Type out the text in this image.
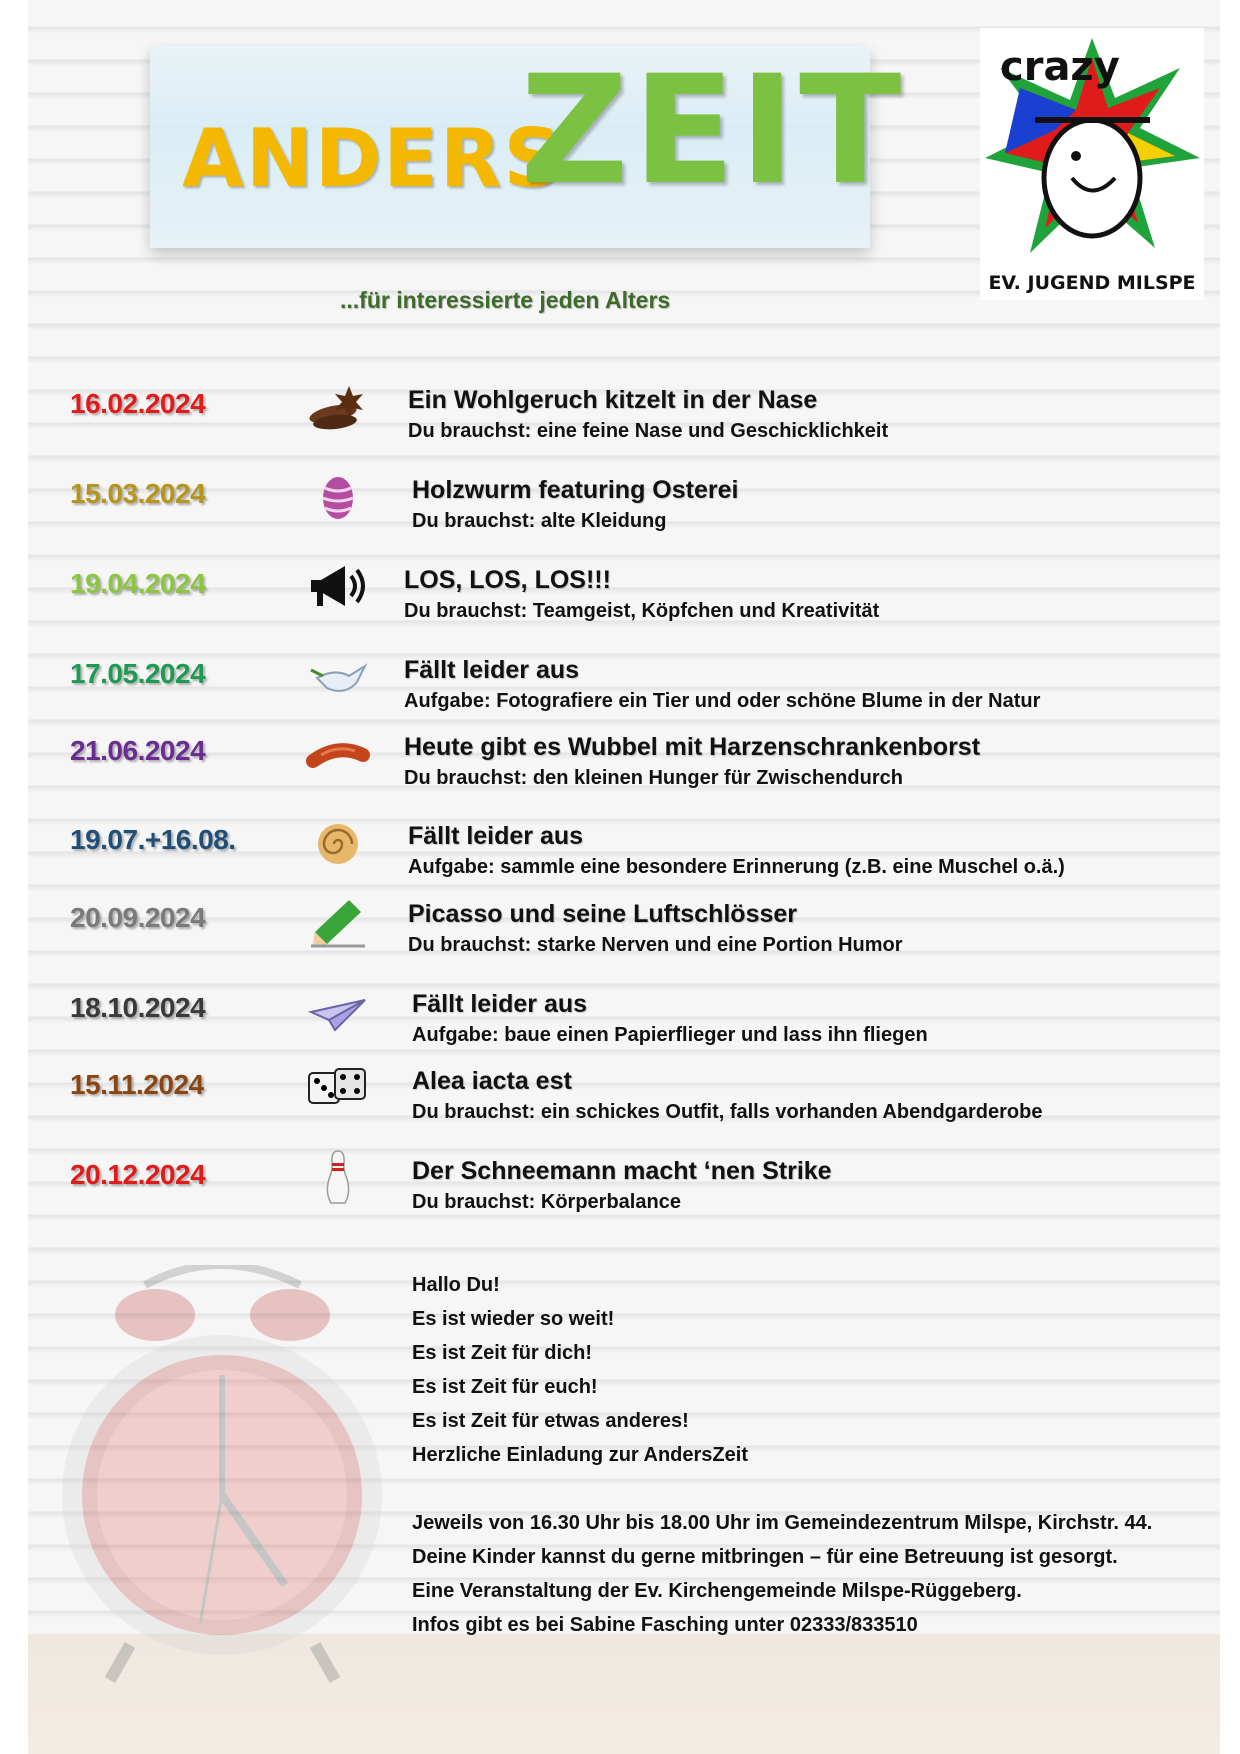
ANDERS
ZEIT
...für interessierte jeden Alters
crazy
EV. JUGEND MILSPE
16.02.2024	Ein Wohlgeruch kitzelt in der Nase
Du brauchst: eine feine Nase und Geschicklichkeit
15.03.2024	Holzwurm featuring Osterei
Du brauchst: alte Kleidung
19.04.2024	LOS, LOS, LOS!!!
Du brauchst: Teamgeist, Köpfchen und Kreativität
17.05.2024	Fällt leider aus
Aufgabe: Fotografiere ein Tier und oder schöne Blume in der Natur
21.06.2024	Heute gibt es Wubbel mit Harzenschrankenborst
Du brauchst: den kleinen Hunger für Zwischendurch
19.07.+16.08.	Fällt leider aus
Aufgabe: sammle eine besondere Erinnerung (z.B. eine Muschel o.ä.)
20.09.2024	Picasso und seine Luftschlösser
Du brauchst: starke Nerven und eine Portion Humor
18.10.2024	Fällt leider aus
Aufgabe: baue einen Papierflieger und lass ihn fliegen
15.11.2024	Alea iacta est
Du brauchst: ein schickes Outfit, falls vorhanden Abendgarderobe
20.12.2024	Der Schneemann macht ‘nen Strike
Du brauchst: Körperbalance
Hallo Du!
Es ist wieder so weit!
Es ist Zeit für dich!
Es ist Zeit für euch!
Es ist Zeit für etwas anderes!
Herzliche Einladung zur AndersZeit
Jeweils von 16.30 Uhr bis 18.00 Uhr im Gemeindezentrum Milspe, Kirchstr. 44.
Deine Kinder kannst du gerne mitbringen – für eine Betreuung ist gesorgt.
Eine Veranstaltung der Ev. Kirchengemeinde Milspe-Rüggeberg.
Infos gibt es bei Sabine Fasching unter 02333/833510
